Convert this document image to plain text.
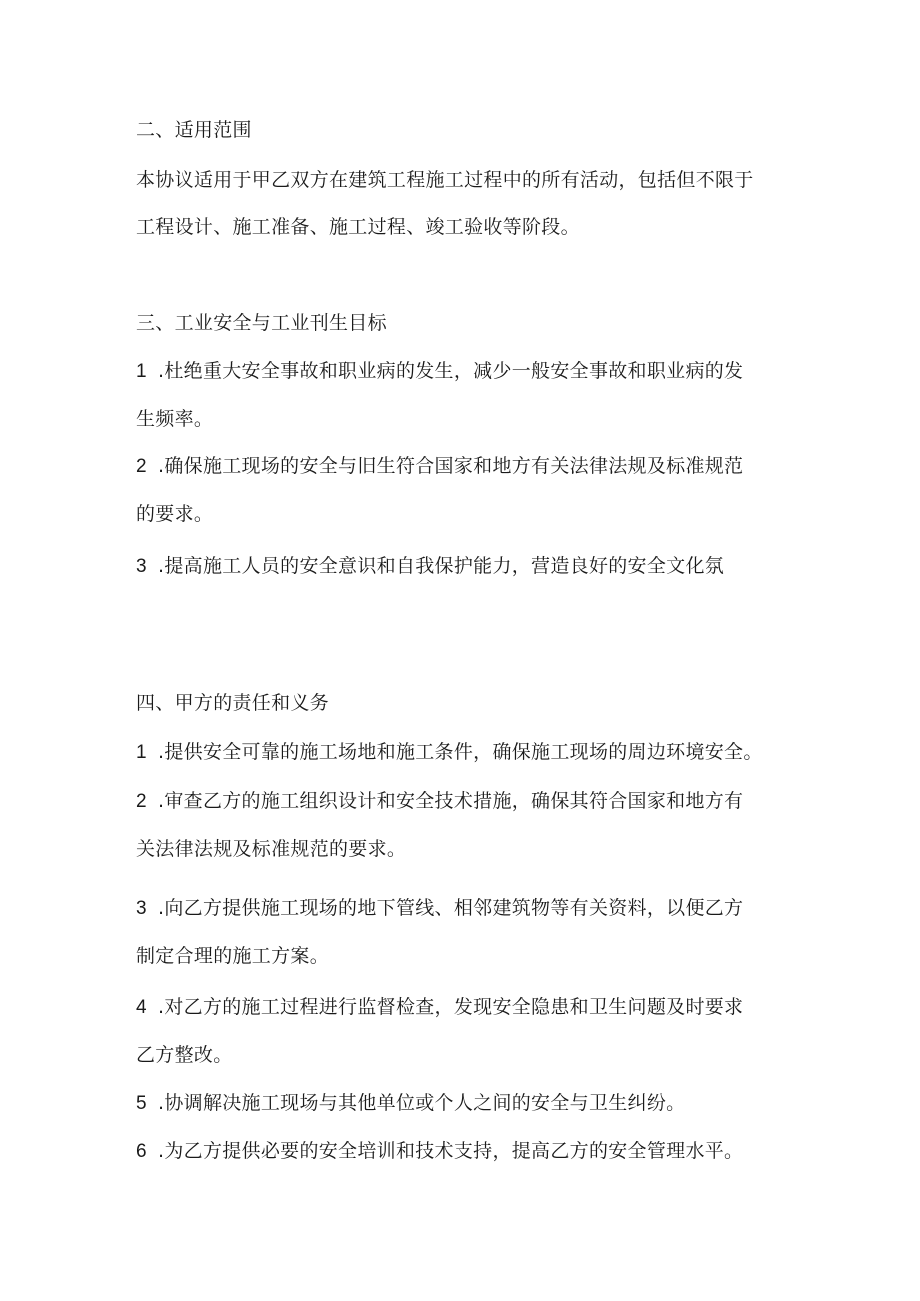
二、适用范围
本协议适用于甲乙双方在建筑工程施工过程中的所有活动，包括但不限于
工程设计、施工准备、施工过程、竣工验收等阶段。
三、工业安全与工业刊生目标
1 .杜绝重大安全事故和职业病的发生，减少一般安全事故和职业病的发
生频率。
2 .确保施工现场的安全与旧生符合国家和地方有关法律法规及标准规范
的要求。
3 .提高施工人员的安全意识和自我保护能力，营造良好的安全文化氛
四、甲方的责任和义务
1 .提供安全可靠的施工场地和施工条件，确保施工现场的周边环境安全。
2 .审查乙方的施工组织设计和安全技术措施，确保其符合国家和地方有
关法律法规及标准规范的要求。
3 .向乙方提供施工现场的地下管线、相邻建筑物等有关资料，以便乙方
制定合理的施工方案。
4 .对乙方的施工过程进行监督检查，发现安全隐患和卫生问题及时要求
乙方整改。
5 .协调解决施工现场与其他单位或个人之间的安全与卫生纠纷。
6 .为乙方提供必要的安全培训和技术支持，提高乙方的安全管理水平。
